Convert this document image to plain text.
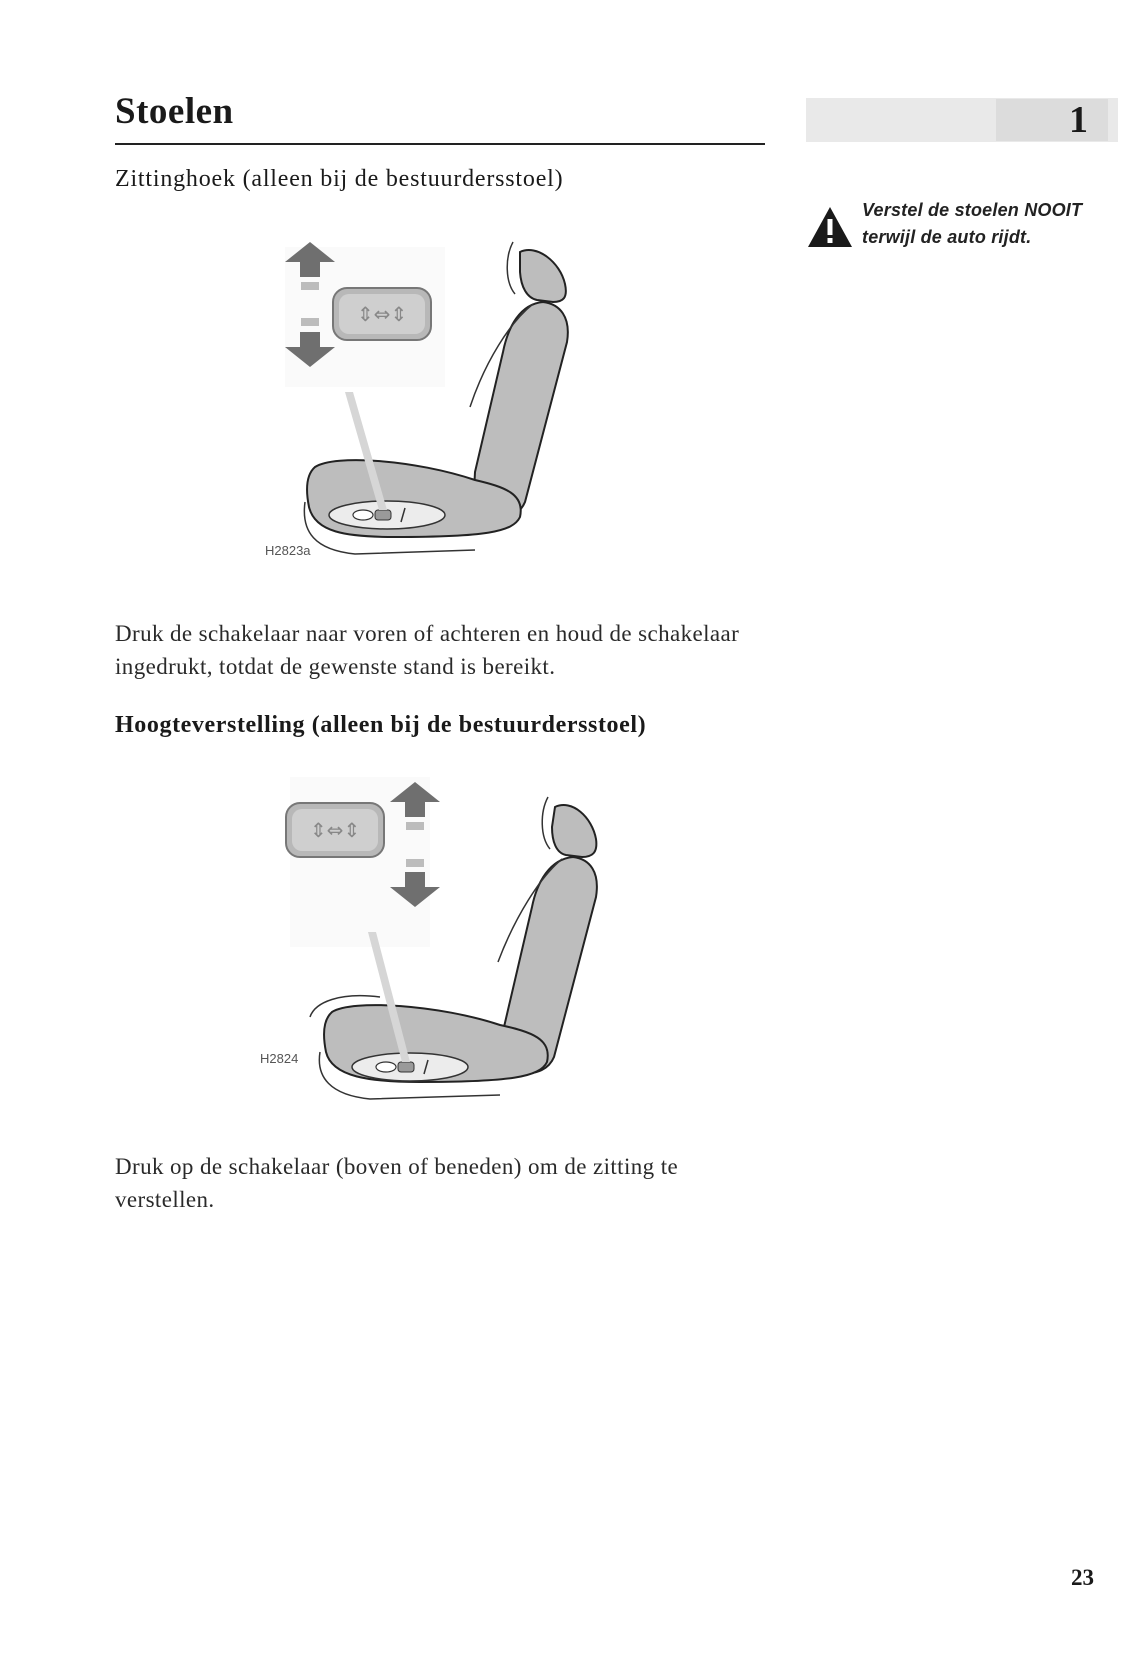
Stoelen	1
Verstel de stoelen NOOIT terwijl de auto rijdt.
Zittinghoek (alleen bij de bestuurdersstoel)
⇕⇔⇕
H2823a
Druk de schakelaar naar voren of achteren en houd de schakelaar ingedrukt, totdat de gewenste stand is bereikt.
Hoogteverstelling (alleen bij de bestuurdersstoel)
⇕⇔⇕
H2824
Druk op de schakelaar (boven of beneden) om de zitting te verstellen.
23
